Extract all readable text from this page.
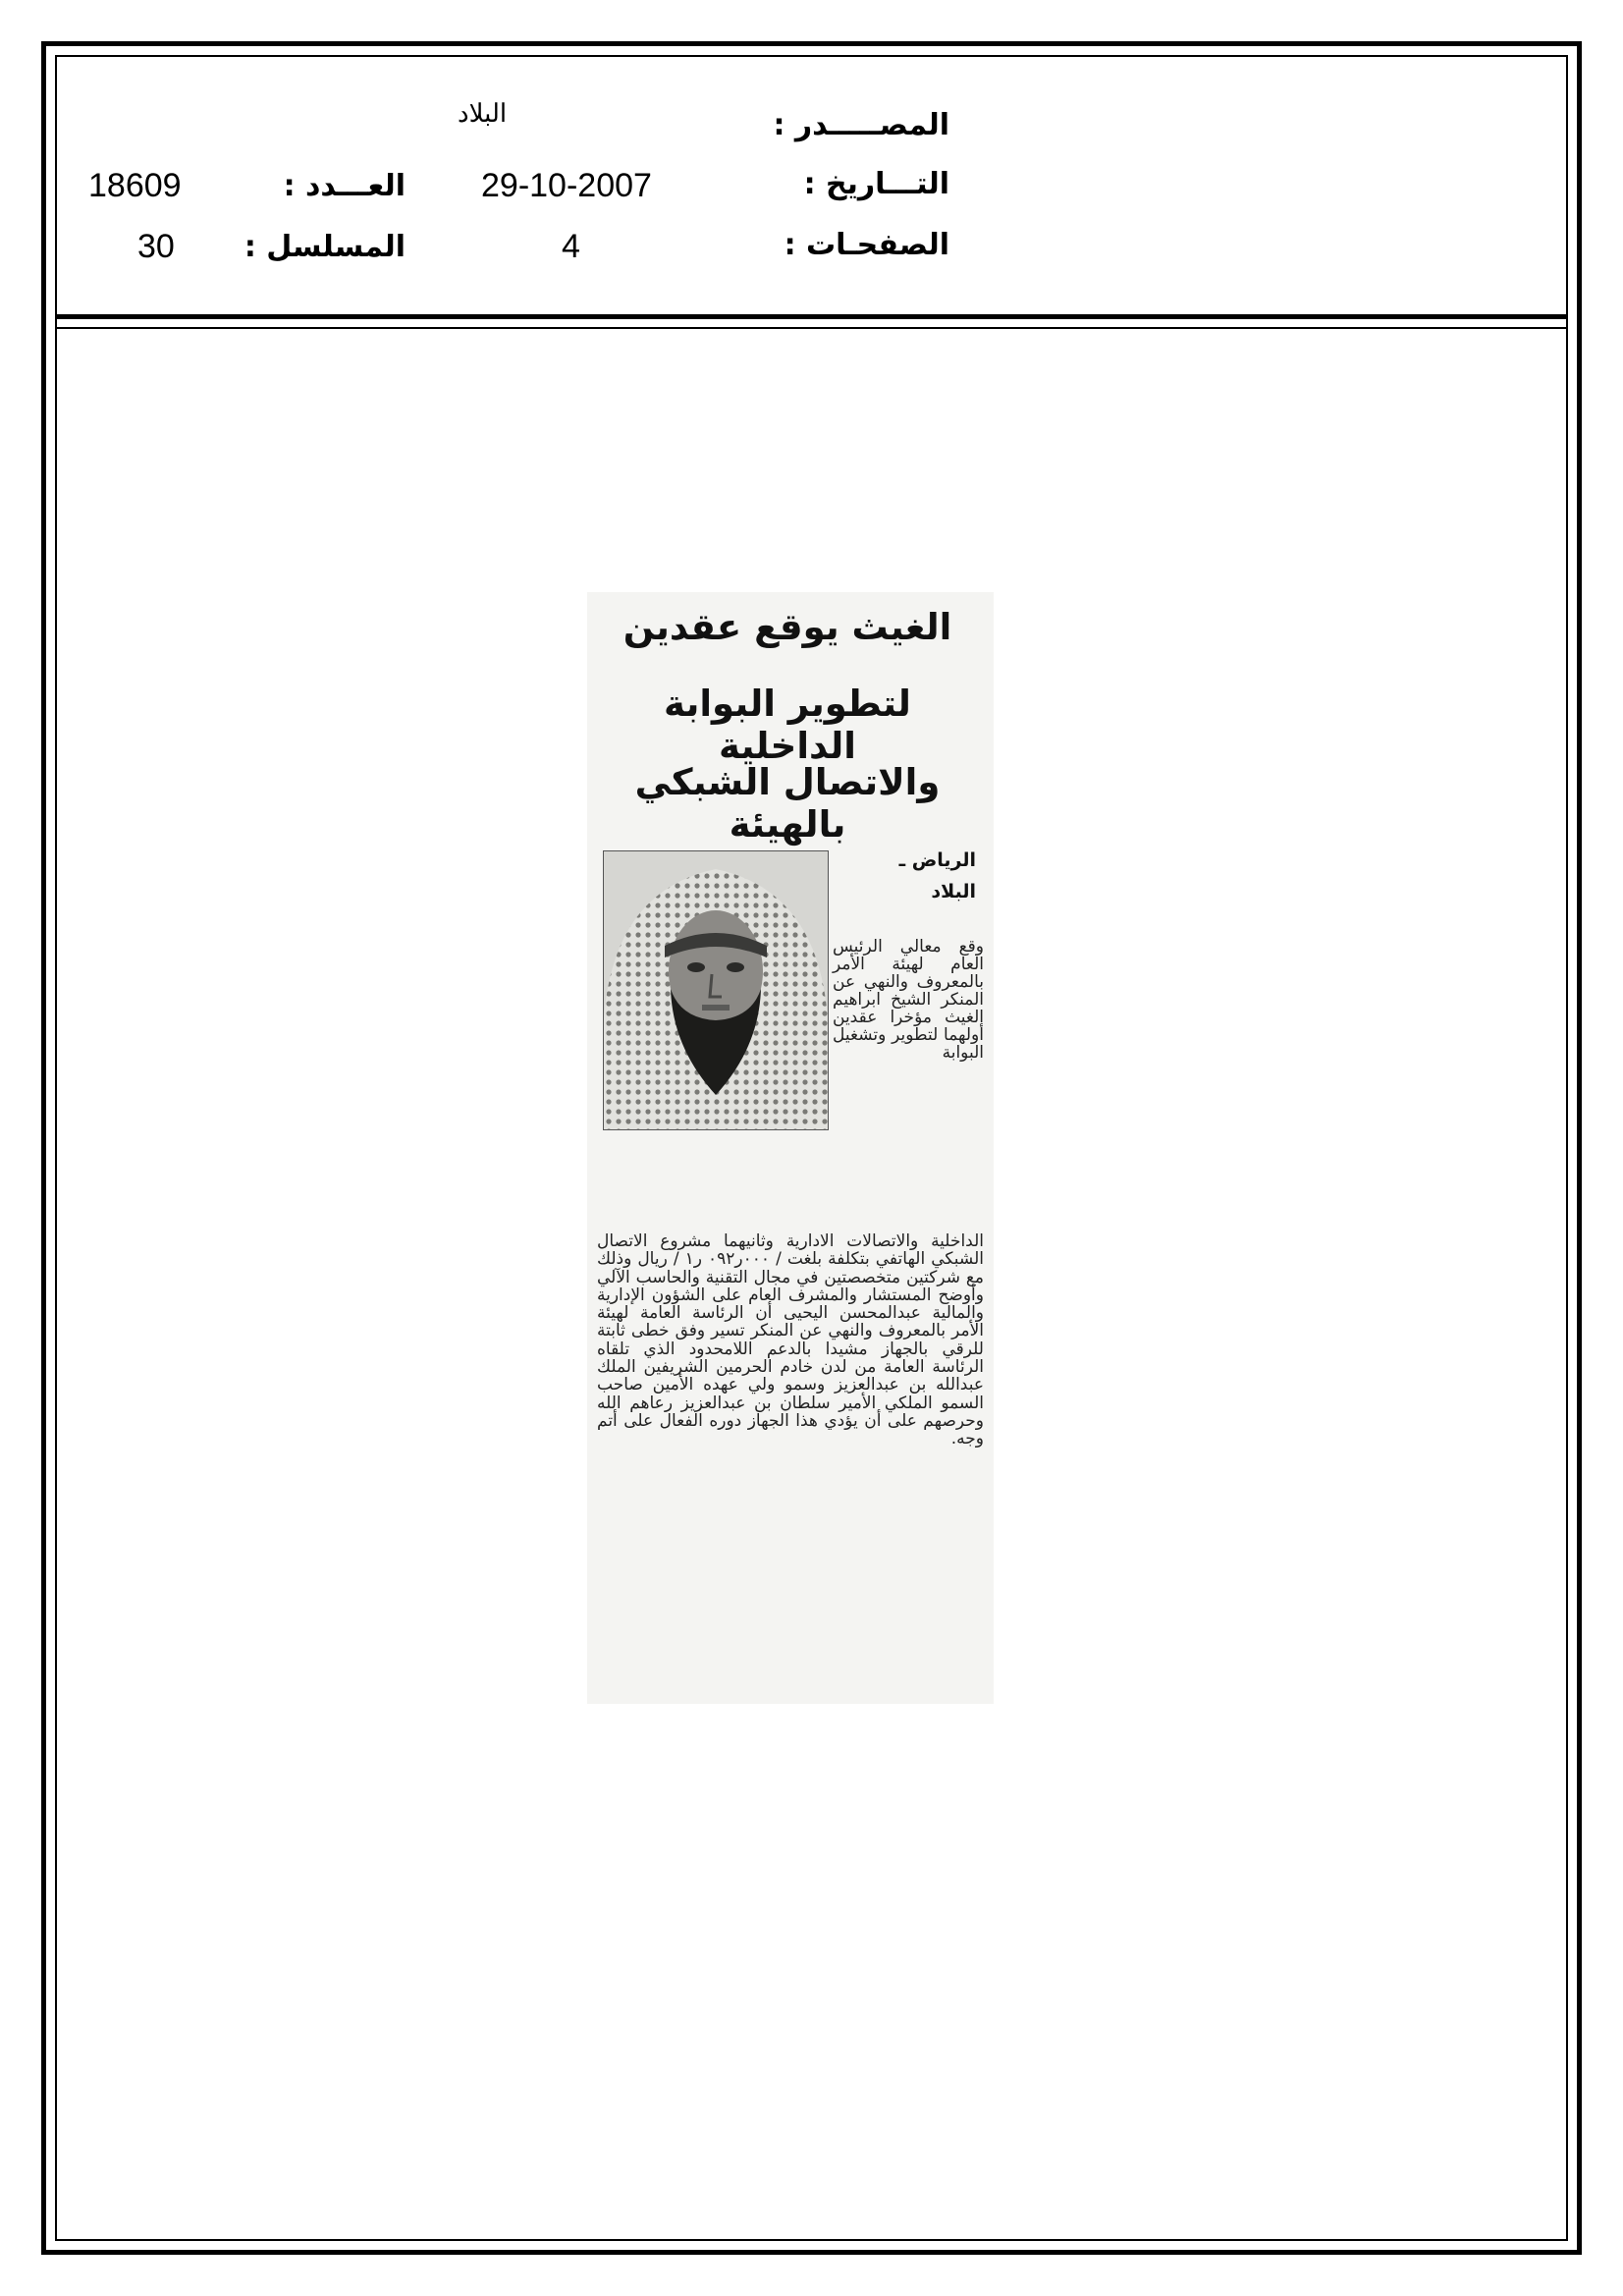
المصـــــدر :
البلاد
التـــاريخ :
29-10-2007
العـــدد :
18609
الصفحـات :
4
المسلسل :
30
الغيث يوقع عقدين
لتطوير البوابة الداخلية
والاتصال الشبكي بالهيئة
الرياض ـ
البلاد

وقع معالي الرئيس العام لهيئة الأمر بالمعروف والنهي عن المنكر الشيخ ابراهيم الغيث مؤخرا عقدين أولهما لتطوير وتشغيل البوابة

الداخلية والاتصالات الادارية وثانيهما مشروع الاتصال الشبكي الهاتفي بتكلفة بلغت / ٠٠٠ر٠٩٢ ر١ / ريال وذلك مع شركتين متخصصتين في مجال التقنية والحاسب الآلي وأوضح المستشار والمشرف العام على الشؤون الإدارية والمالية عبدالمحسن اليحيى أن الرئاسة العامة لهيئة الأمر بالمعروف والنهي عن المنكر تسير وفق خطى ثابتة للرقي بالجهاز مشيدا بالدعم اللامحدود الذي تلقاه الرئاسة العامة من لدن خادم الحرمين الشريفين الملك عبدالله بن عبدالعزيز وسمو ولي عهده الأمين صاحب السمو الملكي الأمير سلطان بن عبدالعزيز رعاهم الله وحرصهم على أن يؤدي هذا الجهاز دوره الفعال على أتم وجه.
